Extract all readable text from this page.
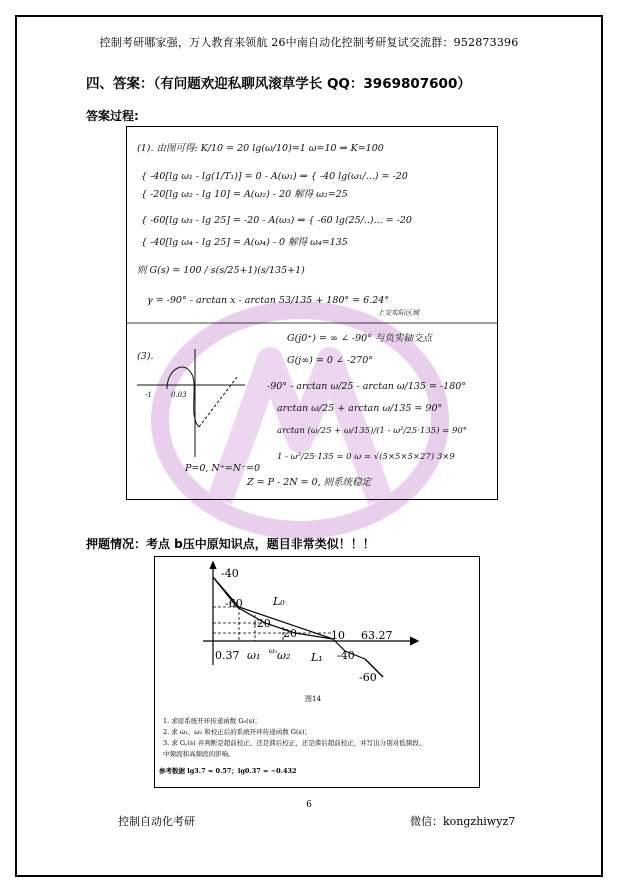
控制考研哪家强，万人教育来领航 26中南自动化控制考研复试交流群：952873396
四、答案：（有问题欢迎私聊风滚草学长 QQ：3969807600）
答案过程:
(1). 由图可得: K/10 = 20 lg(ω/10)=1 ω=10 ⇒ K=100
{ -40[lg ω₁ - lg(1/T₁)] = 0 - A(ω₁) ⇒ { -40 lg(ω₁/...) = -20
{ -20[lg ω₂ - lg 10] = A(ω₂) - 20 解得 ω₂=25
{ -60[lg ω₃ - lg 25] = -20 - A(ω₃) ⇒ { -60 lg(25/..)... = -20
{ -40[lg ω₄ - lg 25] = A(ω₄) - 0 解得 ω₄=135
则 G(s) = 100 / s(s/25+1)(s/135+1)
γ = -90° - arctan x - arctan 53/135 + 180° = 6.24°
上交实际区域
(3).
G(j0⁺) = ∞ ∠ -90° 与负实轴交点
G(j∞) = 0 ∠ -270°
-90° - arctan ω/25 - arctan ω/135 = -180°
arctan ω/25 + arctan ω/135 = 90°
arctan (ω/25 + ω/135)/(1 - ω²/25·135) = 90°
1 - ω²/25·135 = 0 ω = √(5×5×5×27) 3×9
P=0, N⁺=N⁻=0
Z = P - 2N = 0, 则系统稳定
-1	0.03
押题情况：考点 b压中原知识点，题目非常类似！！！
-40
-60
-20
L₀
20	10 63.27
0.37 ω₁ ω₁ ω₂ L₁ -40
-60
图14
1. 求原系统开环传递函数 G₀(s)；
2. 求 ω₁、ω₂ 和校正后的系统开环传递函数 G(s)；
3. 求 G꜀(s) 并判断是超前校正、还是滞后校正，还是滞后超前校正，并写出分别对低频段、
中频段和高频段的影响。
参考数据 lg3.7 = 0.57；lg0.37 = −0.432
6
控制自动化考研	微信：kongzhiwyz7
